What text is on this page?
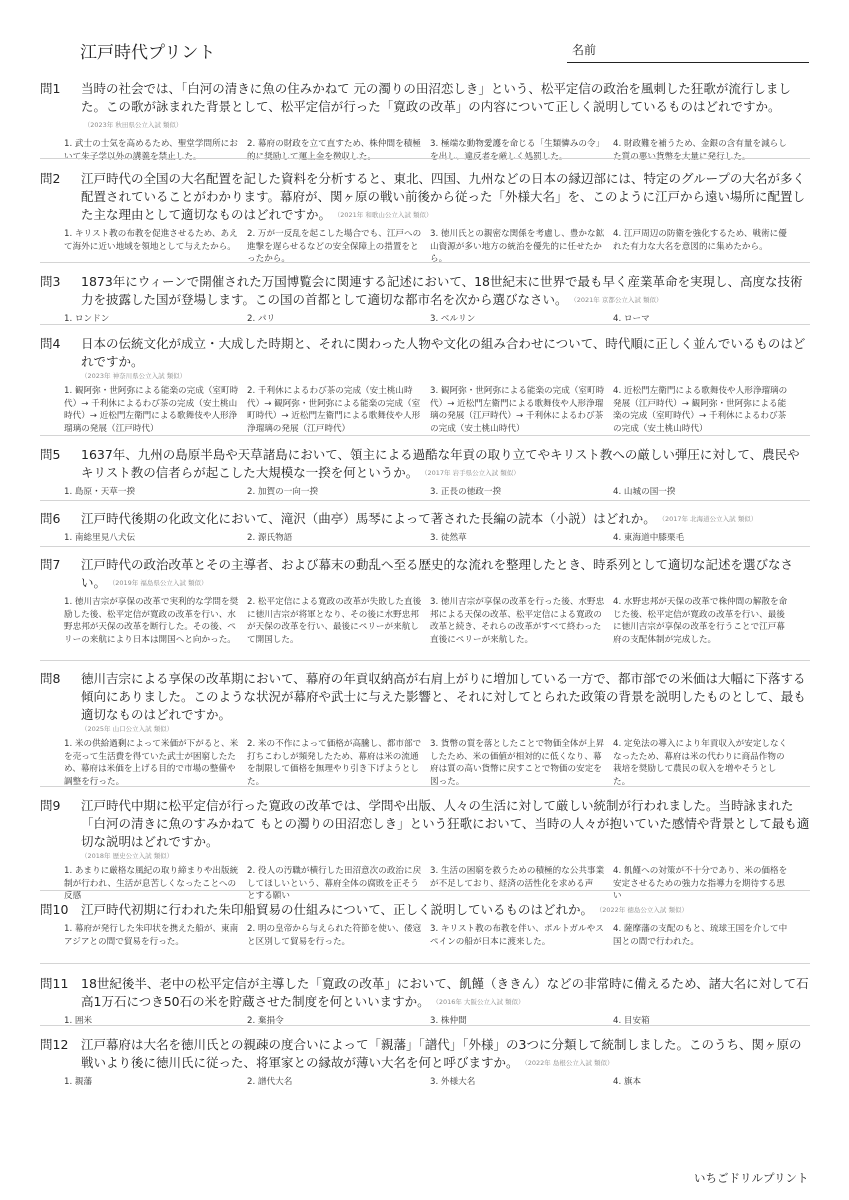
江戸時代プリント	名前
問1	当時の社会では、「白河の清きに魚の住みかねて 元の濁りの田沼恋しき」という、松平定信の政治を風刺した狂歌が流行しました。この歌が詠まれた背景として、松平定信が行った「寛政の改革」の内容について正しく説明しているものはどれですか。（2023年 秋田県公立入試 類似）
1. 武士の士気を高めるため、聖堂学問所において朱子学以外の講義を禁止した。
2. 幕府の財政を立て直すため、株仲間を積極的に奨励して運上金を徴収した。
3. 極端な動物愛護を命じる「生類憐みの令」を出し、違反者を厳しく処罰した。
4. 財政難を補うため、金銀の含有量を減らした質の悪い貨幣を大量に発行した。
問2	江戸時代の全国の大名配置を記した資料を分析すると、東北、四国、九州などの日本の縁辺部には、特定のグループの大名が多く配置されていることがわかります。幕府が、関ヶ原の戦い前後から従った「外様大名」を、このように江戸から遠い場所に配置した主な理由として適切なものはどれですか。 （2021年 和歌山公立入試 類似）
1. キリスト教の布教を促進させるため、あえて海外に近い地域を領地として与えたから。
2. 万が一反乱を起こした場合でも、江戸への進撃を遅らせるなどの安全保障上の措置をとったから。
3. 徳川氏との親密な関係を考慮し、豊かな鉱山資源が多い地方の統治を優先的に任せたから。
4. 江戸周辺の防衛を強化するため、戦術に優れた有力な大名を意図的に集めたから。
問3	1873年にウィーンで開催された万国博覧会に関連する記述において、18世紀末に世界で最も早く産業革命を実現し、高度な技術力を披露した国が登場します。この国の首都として適切な都市名を次から選びなさい。 （2021年 京都公立入試 類似）
1. ロンドン	2. パリ	3. ベルリン	4. ローマ
問4	日本の伝統文化が成立・大成した時期と、それに関わった人物や文化の組み合わせについて、時代順に正しく並んでいるものはどれですか。
（2023年 神奈川県公立入試 類似）
1. 観阿弥・世阿弥による能楽の完成（室町時代）→ 千利休によるわび茶の完成（安土桃山時代）→ 近松門左衛門による歌舞伎や人形浄瑠璃の発展（江戸時代）
2. 千利休によるわび茶の完成（安土桃山時代）→ 観阿弥・世阿弥による能楽の完成（室町時代）→ 近松門左衛門による歌舞伎や人形浄瑠璃の発展（江戸時代）
3. 観阿弥・世阿弥による能楽の完成（室町時代）→ 近松門左衛門による歌舞伎や人形浄瑠璃の発展（江戸時代）→ 千利休によるわび茶の完成（安土桃山時代）
4. 近松門左衛門による歌舞伎や人形浄瑠璃の発展（江戸時代）→ 観阿弥・世阿弥による能楽の完成（室町時代）→ 千利休によるわび茶の完成（安土桃山時代）
問5	1637年、九州の島原半島や天草諸島において、領主による過酷な年貢の取り立てやキリスト教への厳しい弾圧に対して、農民やキリスト教の信者らが起こした大規模な一揆を何というか。 （2017年 岩手県公立入試 類似）
1. 島原・天草一揆	2. 加賀の一向一揆	3. 正長の徳政一揆	4. 山城の国一揆
問6	江戸時代後期の化政文化において、滝沢（曲亭）馬琴によって著された長編の読本（小説）はどれか。 （2017年 北海道公立入試 類似）
1. 南総里見八犬伝	2. 源氏物語	3. 徒然草	4. 東海道中膝栗毛
問7	江戸時代の政治改革とその主導者、および幕末の動乱へ至る歴史的な流れを整理したとき、時系列として適切な記述を選びなさい。 （2019年 福島県公立入試 類似）
1. 徳川吉宗が享保の改革で実利的な学問を奨励した後、松平定信が寛政の改革を行い、水野忠邦が天保の改革を断行した。その後、ペリーの来航により日本は開国へと向かった。
2. 松平定信による寛政の改革が失敗した直後に徳川吉宗が将軍となり、その後に水野忠邦が天保の改革を行い、最後にペリーが来航して開国した。
3. 徳川吉宗が享保の改革を行った後、水野忠邦による天保の改革、松平定信による寛政の改革と続き、それらの改革がすべて終わった直後にペリーが来航した。
4. 水野忠邦が天保の改革で株仲間の解散を命じた後、松平定信が寛政の改革を行い、最後に徳川吉宗が享保の改革を行うことで江戸幕府の支配体制が完成した。
問8	徳川吉宗による享保の改革期において、幕府の年貢収納高が右肩上がりに増加している一方で、都市部での米価は大幅に下落する傾向にありました。このような状況が幕府や武士に与えた影響と、それに対してとられた政策の背景を説明したものとして、最も適切なものはどれですか。
（2025年 山口公立入試 類似）
1. 米の供給過剰によって米価が下がると、米を売って生活費を得ていた武士が困窮したため、幕府は米価を上げる目的で市場の整備や調整を行った。
2. 米の不作によって価格が高騰し、都市部で打ちこわしが頻発したため、幕府は米の流通を制限して価格を無理やり引き下げようとした。
3. 貨幣の質を落としたことで物価全体が上昇したため、米の価値が相対的に低くなり、幕府は質の高い貨幣に戻すことで物価の安定を図った。
4. 定免法の導入により年貢収入が安定しなくなったため、幕府は米の代わりに商品作物の栽培を奨励して農民の収入を増やそうとした。
問9	江戸時代中期に松平定信が行った寛政の改革では、学問や出版、人々の生活に対して厳しい統制が行われました。当時詠まれた「白河の清きに魚のすみかねて もとの濁りの田沼恋しき」という狂歌において、当時の人々が抱いていた感情や背景として最も適切な説明はどれですか。
（2018年 歴史公立入試 類似）
1. あまりに厳格な風紀の取り締まりや出版統制が行われ、生活が息苦しくなったことへの反感
2. 役人の汚職が横行した田沼意次の政治に戻してほしいという、幕府全体の腐敗を正そうとする願い
3. 生活の困窮を救うための積極的な公共事業が不足しており、経済の活性化を求める声
4. 飢饉への対策が不十分であり、米の価格を安定させるための強力な指導力を期待する思い
問10	江戸時代初期に行われた朱印船貿易の仕組みについて、正しく説明しているものはどれか。 （2022年 徳島公立入試 類似）
1. 幕府が発行した朱印状を携えた船が、東南アジアとの間で貿易を行った。
2. 明の皇帝から与えられた符節を使い、倭寇と区別して貿易を行った。
3. キリスト教の布教を伴い、ポルトガルやスペインの船が日本に渡来した。
4. 薩摩藩の支配のもと、琉球王国を介して中国との間で行われた。
問11	18世紀後半、老中の松平定信が主導した「寛政の改革」において、飢饉（ききん）などの非常時に備えるため、諸大名に対して石高1万石につき50石の米を貯蔵させた制度を何といいますか。 （2016年 大阪公立入試 類似）
1. 囲米	2. 棄捐令	3. 株仲間	4. 目安箱
問12	江戸幕府は大名を徳川氏との親疎の度合いによって「親藩」「譜代」「外様」の3つに分類して統制しました。このうち、関ヶ原の戦いより後に徳川氏に従った、将軍家との縁故が薄い大名を何と呼びますか。 （2022年 島根公立入試 類似）
1. 親藩	2. 譜代大名	3. 外様大名	4. 旗本
いちごドリルプリント
